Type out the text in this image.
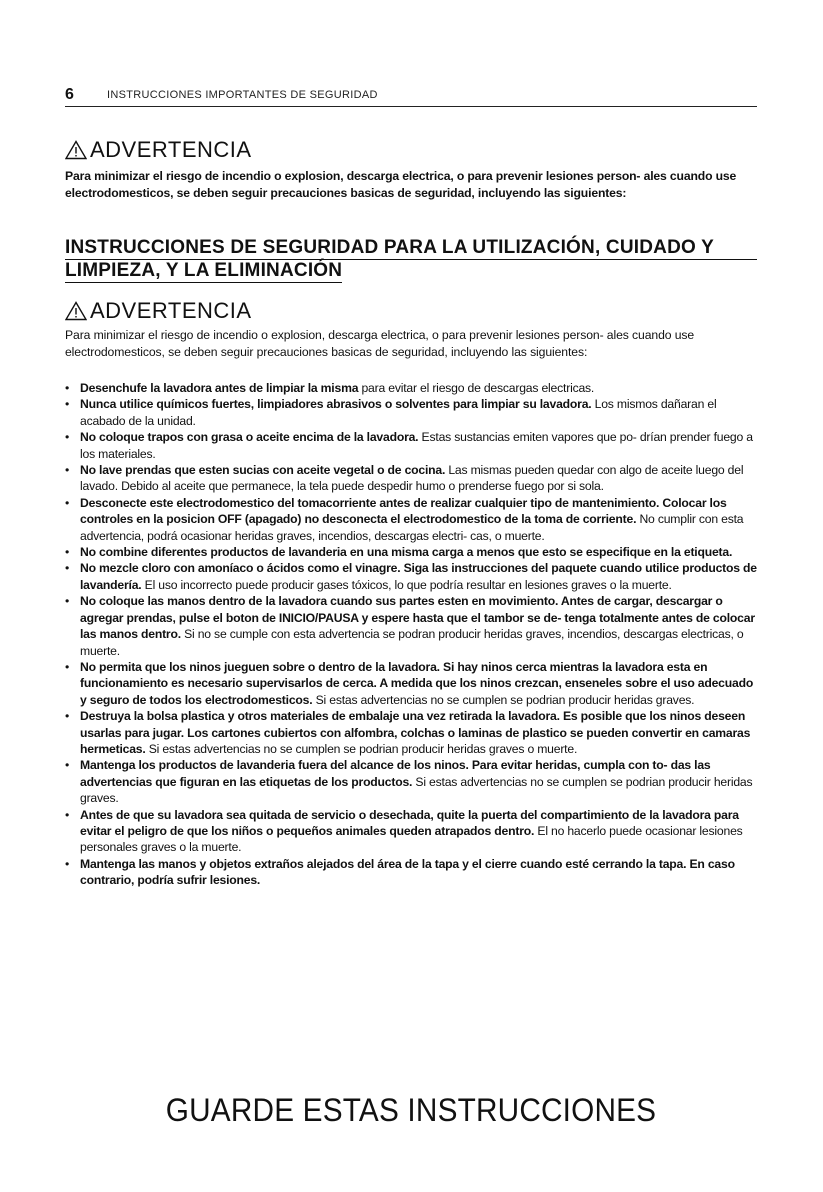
6	INSTRUCCIONES IMPORTANTES DE SEGURIDAD
ADVERTENCIA
Para minimizar el riesgo de incendio o explosion, descarga electrica, o para prevenir lesiones person- ales cuando use electrodomesticos, se deben seguir precauciones basicas de seguridad, incluyendo las siguientes:
INSTRUCCIONES DE SEGURIDAD PARA LA UTILIZACIÓN, CUIDADO Y
LIMPIEZA, Y LA ELIMINACIÓN
ADVERTENCIA
Para minimizar el riesgo de incendio o explosion, descarga electrica, o para prevenir lesiones person- ales cuando use electrodomesticos, se deben seguir precauciones basicas de seguridad, incluyendo las siguientes:
• Desenchufe la lavadora antes de limpiar la misma para evitar el riesgo de descargas electricas.
• Nunca utilice químicos fuertes, limpiadores abrasivos o solventes para limpiar su lavadora. Los mismos dañaran el acabado de la unidad.
• No coloque trapos con grasa o aceite encima de la lavadora. Estas sustancias emiten vapores que po- drían prender fuego a los materiales.
• No lave prendas que esten sucias con aceite vegetal o de cocina. Las mismas pueden quedar con algo de aceite luego del lavado. Debido al aceite que permanece, la tela puede despedir humo o prenderse fuego por si sola.
• Desconecte este electrodomestico del tomacorriente antes de realizar cualquier tipo de mantenimiento. Colocar los controles en la posicion OFF (apagado) no desconecta el electrodomestico de la toma de corriente. No cumplir con esta advertencia, podrá ocasionar heridas graves, incendios, descargas electri- cas, o muerte.
• No combine diferentes productos de lavanderia en una misma carga a menos que esto se especifique en la etiqueta.
• No mezcle cloro con amoníaco o ácidos como el vinagre. Siga las instrucciones del paquete cuando utilice productos de lavandería. El uso incorrecto puede producir gases tóxicos, lo que podría resultar en lesiones graves o la muerte.
• No coloque las manos dentro de la lavadora cuando sus partes esten en movimiento. Antes de cargar, descargar o agregar prendas, pulse el boton de INICIO/PAUSA y espere hasta que el tambor se de- tenga totalmente antes de colocar las manos dentro. Si no se cumple con esta advertencia se podran producir heridas graves, incendios, descargas electricas, o muerte.
• No permita que los ninos jueguen sobre o dentro de la lavadora. Si hay ninos cerca mientras la lavadora esta en funcionamiento es necesario supervisarlos de cerca. A medida que los ninos crezcan, enseneles sobre el uso adecuado y seguro de todos los electrodomesticos. Si estas advertencias no se cumplen se podrian producir heridas graves.
• Destruya la bolsa plastica y otros materiales de embalaje una vez retirada la lavadora. Es posible que los ninos deseen usarlas para jugar. Los cartones cubiertos con alfombra, colchas o laminas de plastico se pueden convertir en camaras hermeticas. Si estas advertencias no se cumplen se podrian producir heridas graves o muerte.
• Mantenga los productos de lavanderia fuera del alcance de los ninos. Para evitar heridas, cumpla con to- das las advertencias que figuran en las etiquetas de los productos. Si estas advertencias no se cumplen se podrian producir heridas graves.
• Antes de que su lavadora sea quitada de servicio o desechada, quite la puerta del compartimiento de la lavadora para evitar el peligro de que los niños o pequeños animales queden atrapados dentro. El no hacerlo puede ocasionar lesiones personales graves o la muerte.
• Mantenga las manos y objetos extraños alejados del área de la tapa y el cierre cuando esté cerrando la tapa. En caso contrario, podría sufrir lesiones.
GUARDE ESTAS INSTRUCCIONES
